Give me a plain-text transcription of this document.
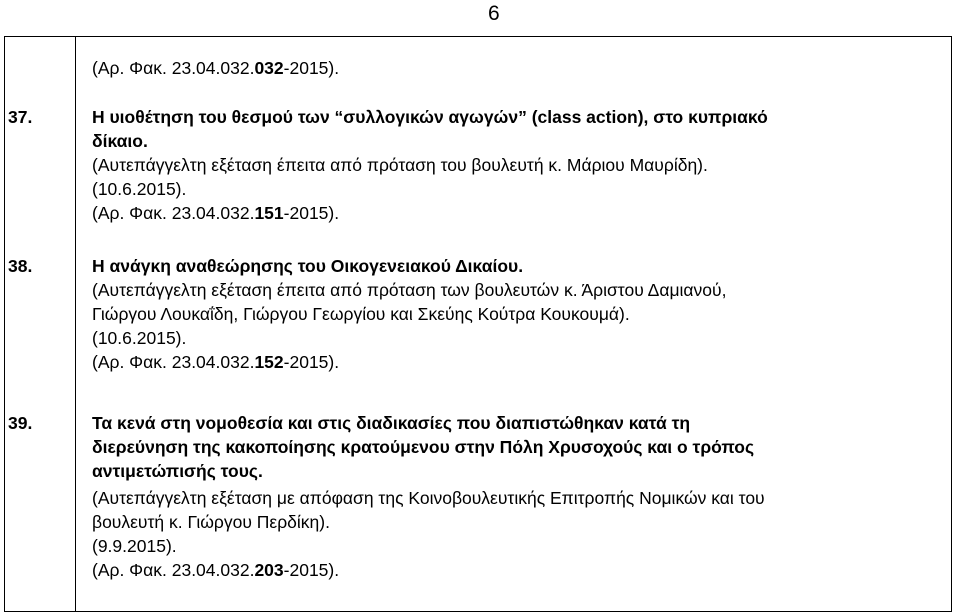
6
(Αρ. Φακ. 23.04.032.032-2015).
37.	Η υιοθέτηση του θεσμού των “συλλογικών αγωγών” (class action), στο κυπριακό
δίκαιο.
(Αυτεπάγγελτη εξέταση έπειτα από πρόταση του βουλευτή κ. Μάριου Μαυρίδη).
(10.6.2015).
(Αρ. Φακ. 23.04.032.151-2015).
38.	Η ανάγκη αναθεώρησης του Οικογενειακού Δικαίου.
(Αυτεπάγγελτη εξέταση έπειτα από πρόταση των βουλευτών κ. Άριστου Δαμιανού,
Γιώργου Λουκαΐδη, Γιώργου Γεωργίου και Σκεύης Κούτρα Κουκουμά).
(10.6.2015).
(Αρ. Φακ. 23.04.032.152-2015).
39.	Τα κενά στη νομοθεσία και στις διαδικασίες που διαπιστώθηκαν κατά τη
διερεύνηση της κακοποίησης κρατούμενου στην Πόλη Χρυσοχούς και ο τρόπος
αντιμετώπισής τους.
(Αυτεπάγγελτη εξέταση με απόφαση της Κοινοβουλευτικής Επιτροπής Νομικών και του
βουλευτή κ. Γιώργου Περδίκη).
(9.9.2015).
(Αρ. Φακ. 23.04.032.203-2015).
